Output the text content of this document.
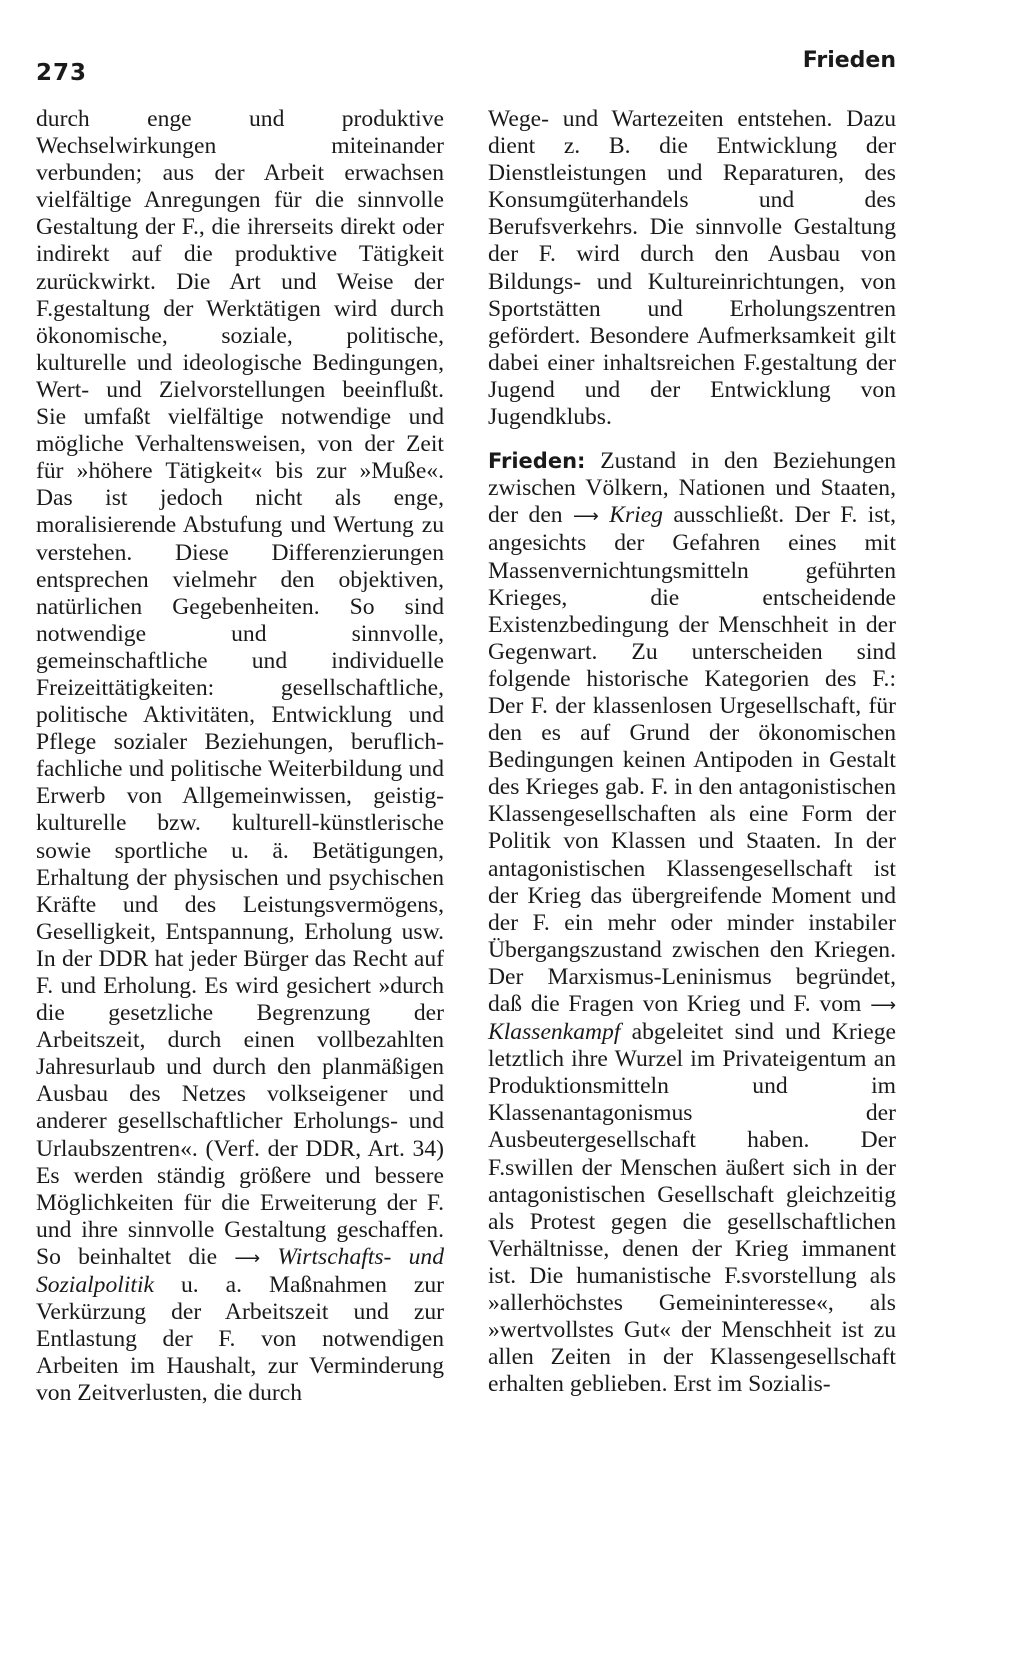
273	Frieden

durch enge und produktive Wechselwirkungen miteinander verbunden; aus der Arbeit erwachsen vielfältige Anregungen für die sinnvolle Gestaltung der F., die ihrerseits direkt oder indirekt auf die produktive Tätigkeit zurückwirkt. Die Art und Weise der F.gestaltung der Werktätigen wird durch ökonomische, soziale, politische, kulturelle und ideologische Bedingungen, Wert- und Zielvorstellungen beeinflußt. Sie umfaßt vielfältige notwendige und mögliche Verhaltensweisen, von der Zeit für »höhere Tätigkeit« bis zur »Muße«. Das ist jedoch nicht als enge, moralisierende Abstufung und Wertung zu verstehen. Diese Differenzierungen entsprechen vielmehr den objektiven, natürlichen Gegebenheiten. So sind notwendige und sinnvolle, gemeinschaftliche und individuelle Freizeittätigkeiten: gesellschaftliche, politische Aktivitäten, Entwicklung und Pflege sozialer Beziehungen, beruflich-fachliche und politische Weiterbildung und Erwerb von Allgemeinwissen, geistig-kulturelle bzw. kulturell-künstlerische sowie sportliche u. ä. Betätigungen, Erhaltung der physischen und psychischen Kräfte und des Leistungsvermögens, Geselligkeit, Entspannung, Erholung usw. In der DDR hat jeder Bürger das Recht auf F. und Erholung. Es wird gesichert »durch die gesetzliche Begrenzung der Arbeitszeit, durch einen vollbezahlten Jahresurlaub und durch den planmäßigen Ausbau des Netzes volkseigener und anderer gesellschaftlicher Erholungs- und Urlaubszentren«. (Verf. der DDR, Art. 34) Es werden ständig größere und bessere Möglichkeiten für die Erweiterung der F. und ihre sinnvolle Gestaltung geschaffen. So beinhaltet die ⟶ Wirtschafts- und Sozialpolitik u. a. Maßnahmen zur Verkürzung der Arbeitszeit und zur Entlastung der F. von notwendigen Arbeiten im Haushalt, zur Verminderung von Zeitverlusten, die durch

Wege- und Wartezeiten entstehen. Dazu dient z. B. die Entwicklung der Dienstleistungen und Reparaturen, des Konsumgüterhandels und des Berufsverkehrs. Die sinnvolle Gestaltung der F. wird durch den Ausbau von Bildungs- und Kultureinrichtungen, von Sportstätten und Erholungszentren gefördert. Besondere Aufmerksamkeit gilt dabei einer inhaltsreichen F.gestaltung der Jugend und der Entwicklung von Jugendklubs.

Frieden: Zustand in den Beziehungen zwischen Völkern, Nationen und Staaten, der den ⟶ Krieg ausschließt. Der F. ist, angesichts der Gefahren eines mit Massenvernichtungsmitteln geführten Krieges, die entscheidende Existenzbedingung der Menschheit in der Gegenwart. Zu unterscheiden sind folgende historische Kategorien des F.: Der F. der klassenlosen Urgesellschaft, für den es auf Grund der ökonomischen Bedingungen keinen Antipoden in Gestalt des Krieges gab. F. in den antagonistischen Klassengesellschaften als eine Form der Politik von Klassen und Staaten. In der antagonistischen Klassengesellschaft ist der Krieg das übergreifende Moment und der F. ein mehr oder minder instabiler Übergangszustand zwischen den Kriegen. Der Marxismus-Leninismus begründet, daß die Fragen von Krieg und F. vom ⟶ Klassenkampf abgeleitet sind und Kriege letztlich ihre Wurzel im Privateigentum an Produktionsmitteln und im Klassenantagonismus der Ausbeutergesellschaft haben. Der F.swillen der Menschen äußert sich in der antagonistischen Gesellschaft gleichzeitig als Protest gegen die gesellschaftlichen Verhältnisse, denen der Krieg immanent ist. Die humanistische F.svorstellung als »allerhöchstes Gemeininteresse«, als »wertvollstes Gut« der Menschheit ist zu allen Zeiten in der Klassengesellschaft erhalten geblieben. Erst im Sozialis-
